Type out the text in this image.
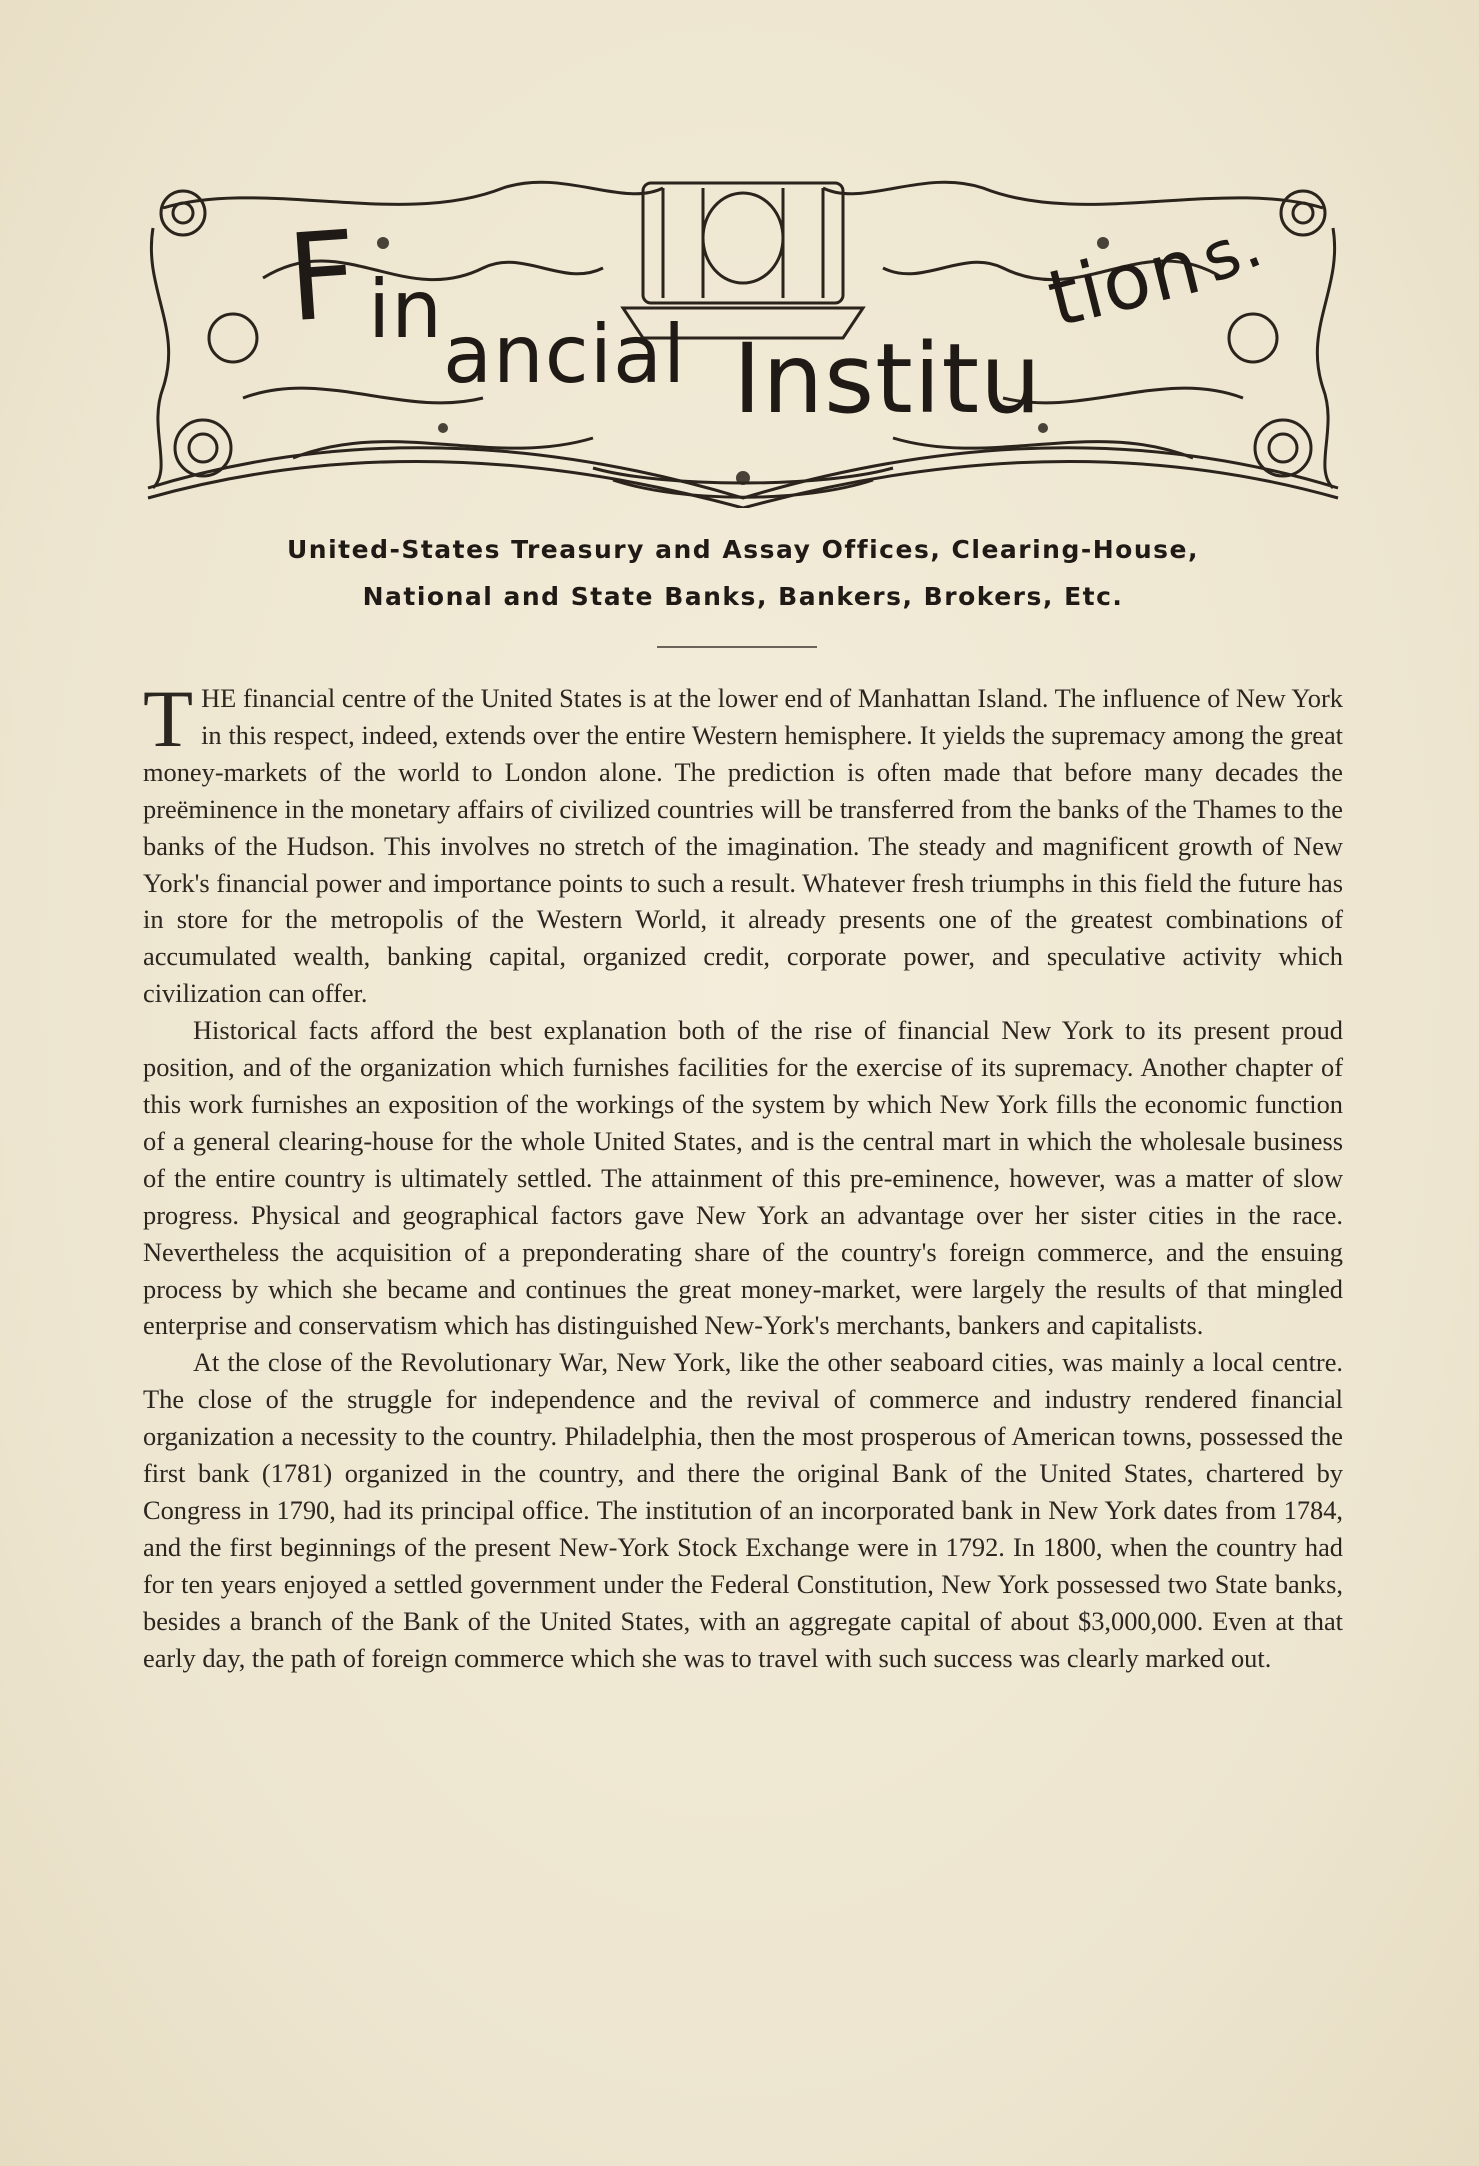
F in ancial Institu
tion
s.
United-States Treasury and Assay Offices, Clearing-House,
National and State Banks, Bankers, Brokers, Etc.

THE financial centre of the United States is at the lower end of Manhattan Island. The influence of New York in this respect, indeed, extends over the entire Western hemisphere. It yields the supremacy among the great money-markets of the world to London alone. The prediction is often made that before many decades the preëminence in the monetary affairs of civilized countries will be transferred from the banks of the Thames to the banks of the Hudson. This involves no stretch of the imagination. The steady and magnificent growth of New York's financial power and importance points to such a result. Whatever fresh triumphs in this field the future has in store for the metropolis of the Western World, it already presents one of the greatest combinations of accumulated wealth, banking capital, organized credit, corporate power, and speculative activity which civilization can offer.

Historical facts afford the best explanation both of the rise of financial New York to its present proud position, and of the organization which furnishes facilities for the exercise of its supremacy. Another chapter of this work furnishes an exposition of the workings of the system by which New York fills the economic function of a general clearing-house for the whole United States, and is the central mart in which the wholesale business of the entire country is ultimately settled. The attainment of this pre-eminence, however, was a matter of slow progress. Physical and geographical factors gave New York an advantage over her sister cities in the race. Nevertheless the acquisition of a preponderating share of the country's foreign commerce, and the ensuing process by which she became and continues the great money-market, were largely the results of that mingled enterprise and conservatism which has distinguished New-York's merchants, bankers and capitalists.

At the close of the Revolutionary War, New York, like the other seaboard cities, was mainly a local centre. The close of the struggle for independence and the revival of commerce and industry rendered financial organization a necessity to the country. Philadelphia, then the most prosperous of American towns, possessed the first bank (1781) organized in the country, and there the original Bank of the United States, chartered by Congress in 1790, had its principal office. The institution of an incorporated bank in New York dates from 1784, and the first beginnings of the present New-York Stock Exchange were in 1792. In 1800, when the country had for ten years enjoyed a settled government under the Federal Constitution, New York possessed two State banks, besides a branch of the Bank of the United States, with an aggregate capital of about $3,000,000. Even at that early day, the path of foreign commerce which she was to travel with such success was clearly marked out.
